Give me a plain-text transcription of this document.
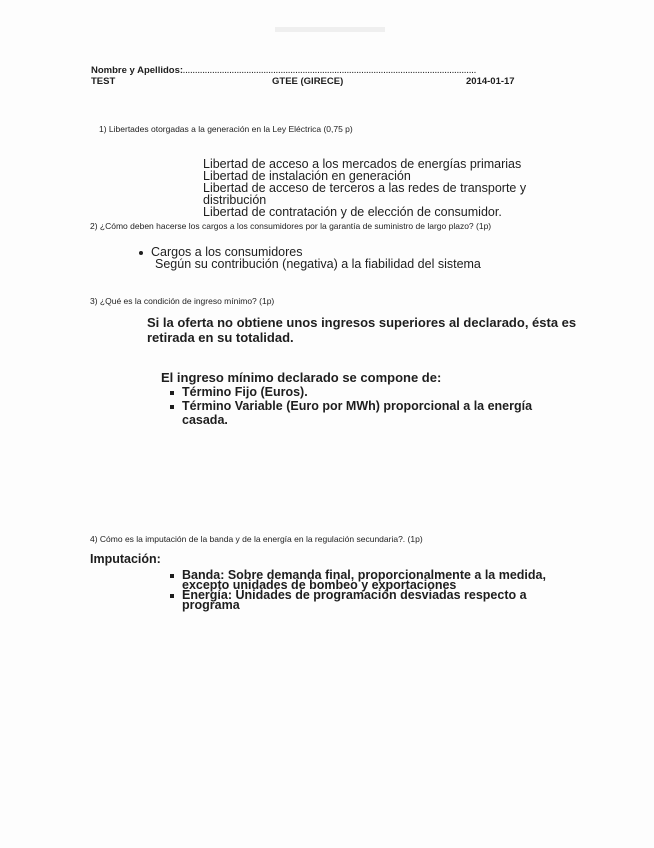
Nombre y Apellidos:........................................................................................................................
TEST	GTEE (GIRECE)	2014-01-17
1) Libertades otorgadas a la generación en la Ley Eléctrica (0,75 p)
Libertad de acceso a los mercados de energías primarias
Libertad de instalación en generación
Libertad de acceso de terceros a las redes de transporte y
distribución
Libertad de contratación y de elección de consumidor.
2) ¿Cómo deben hacerse los cargos a los consumidores por la garantía de suministro de largo plazo? (1p)
Cargos a los consumidores
Según su contribución (negativa) a la fiabilidad del sistema
3) ¿Qué es la condición de ingreso mínimo? (1p)
Si la oferta no obtiene unos ingresos superiores al declarado, ésta es
retirada en su totalidad.
El ingreso mínimo declarado se compone de:
Término Fijo (Euros).
Término Variable (Euro por MWh) proporcional a la energía
casada.
4) Cómo es la imputación de la banda y de la energía en la regulación secundaria?. (1p)
Imputación:
Banda: Sobre demanda final, proporcionalmente a la medida,
excepto unidades de bombeo y exportaciones
Energía: Unidades de programación desviadas respecto a
programa
